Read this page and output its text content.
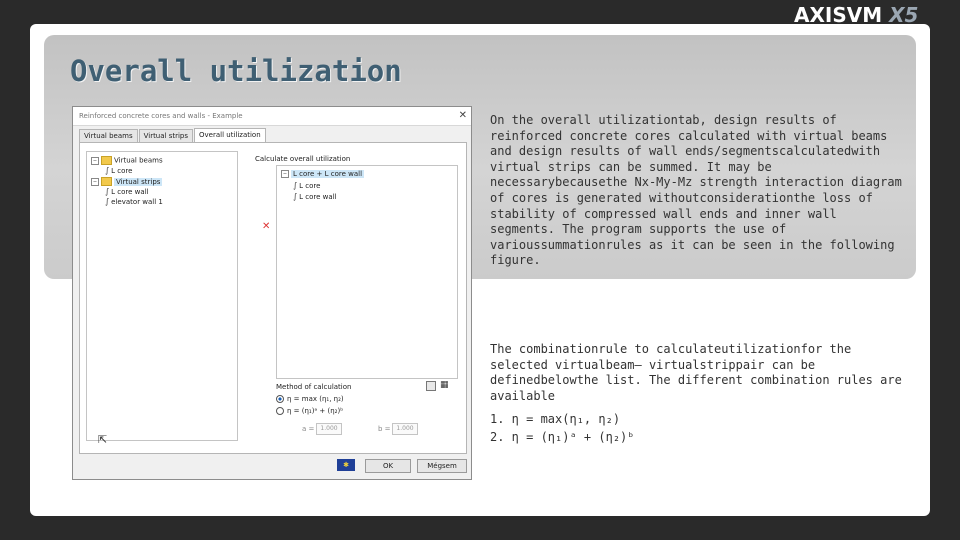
AXISVM X5
Overall utilization
Reinforced concrete cores and walls - Example	✕
Virtual beams	Virtual strips	Overall utilization
− Virtual beams
∫ L core
−	Virtual strips
∫ L core wall
∫ elevator wall 1
Calculate overall utilization
✕
− L core + L core wall
∫ L core
∫ L core wall
Method of calculation	▦
η = max (η₁, η₂)
η = (η₁)ᵃ + (η₂)ᵇ
a =	1.000	b = 1.000
⇱
✱	OK	Mégsem
On the overall utilizationtab, design results of reinforced concrete cores calculated with virtual beams and design results of wall ends/segmentscalculatedwith virtual strips can be summed. It may be necessarybecausethe Nx-My-Mz strength interaction diagram of cores is generated withoutconsiderationthe loss of stability of compressed wall ends and inner wall segments. The program supports the use of varioussummationrules as it can be seen in the following figure.
The combinationrule to calculateutilizationfor the selected virtualbeam– virtualstrippair can be definedbelowthe list. The different combination rules are available
1. η = max(η₁, η₂)
2. η = (η₁)ᵃ + (η₂)ᵇ
